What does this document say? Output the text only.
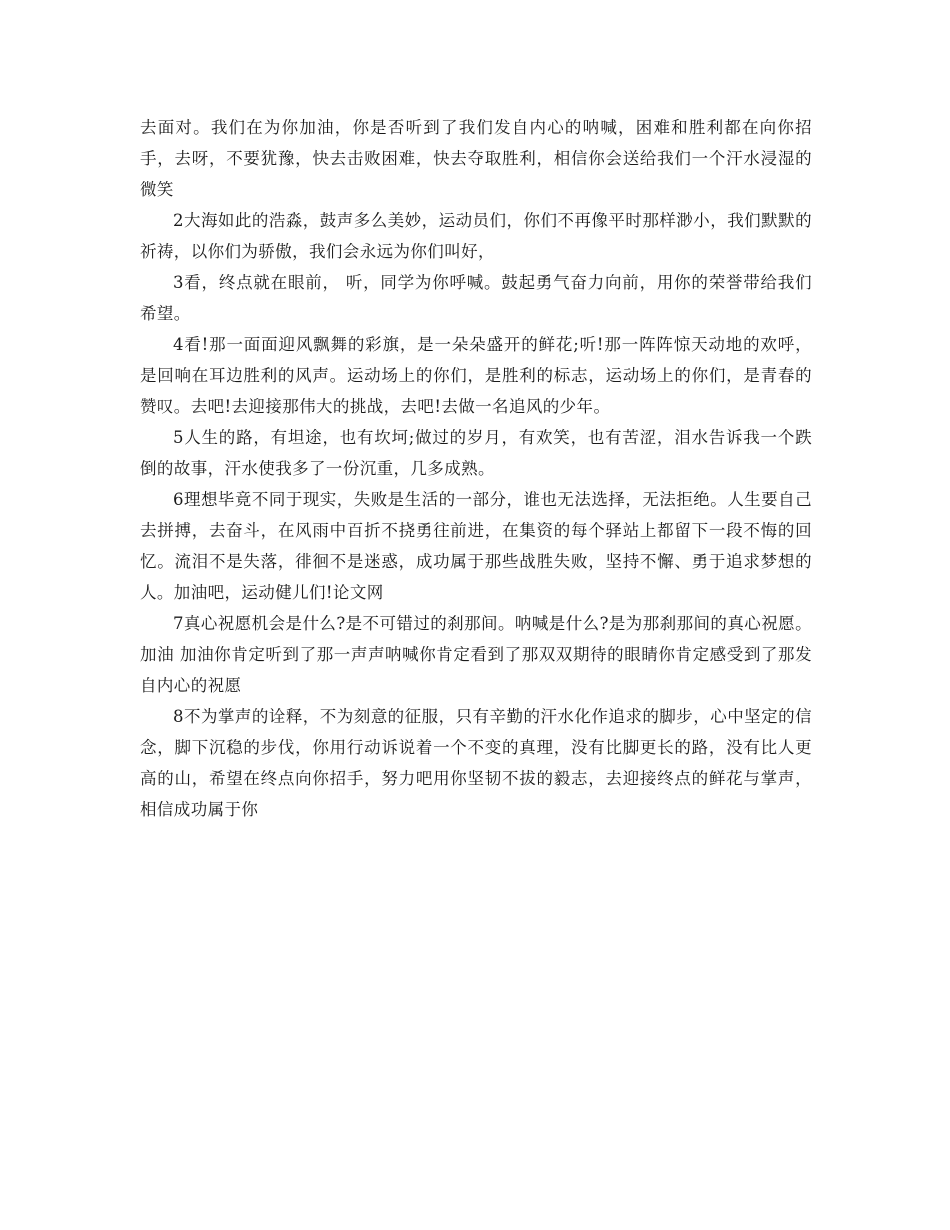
去面对。我们在为你加油，你是否听到了我们发自内心的呐喊，困难和胜利都在向你招手，去呀，不要犹豫，快去击败困难，快去夺取胜利，相信你会送给我们一个汗水浸湿的微笑

2大海如此的浩淼，鼓声多么美妙，运动员们，你们不再像平时那样渺小，我们默默的祈祷，以你们为骄傲，我们会永远为你们叫好，

3看，终点就在眼前， 听，同学为你呼喊。鼓起勇气奋力向前，用你的荣誉带给我们希望。

4看!那一面面迎风飘舞的彩旗，是一朵朵盛开的鲜花;听!那一阵阵惊天动地的欢呼，是回响在耳边胜利的风声。运动场上的你们，是胜利的标志，运动场上的你们，是青春的赞叹。去吧!去迎接那伟大的挑战，去吧!去做一名追风的少年。

5人生的路，有坦途，也有坎坷;做过的岁月，有欢笑，也有苦涩，泪水告诉我一个跌倒的故事，汗水使我多了一份沉重，几多成熟。

6理想毕竟不同于现实，失败是生活的一部分，谁也无法选择，无法拒绝。人生要自己去拼搏，去奋斗，在风雨中百折不挠勇往前进，在集资的每个驿站上都留下一段不悔的回忆。流泪不是失落，徘徊不是迷惑，成功属于那些战胜失败，坚持不懈、勇于追求梦想的人。加油吧，运动健儿们!论文网

7真心祝愿机会是什么?是不可错过的刹那间。呐喊是什么?是为那刹那间的真心祝愿。加油 加油你肯定听到了那一声声呐喊你肯定看到了那双双期待的眼睛你肯定感受到了那发自内心的祝愿

8不为掌声的诠释，不为刻意的征服，只有辛勤的汗水化作追求的脚步，心中坚定的信念，脚下沉稳的步伐，你用行动诉说着一个不变的真理，没有比脚更长的路，没有比人更高的山，希望在终点向你招手，努力吧用你坚韧不拔的毅志，去迎接终点的鲜花与掌声，相信成功属于你
